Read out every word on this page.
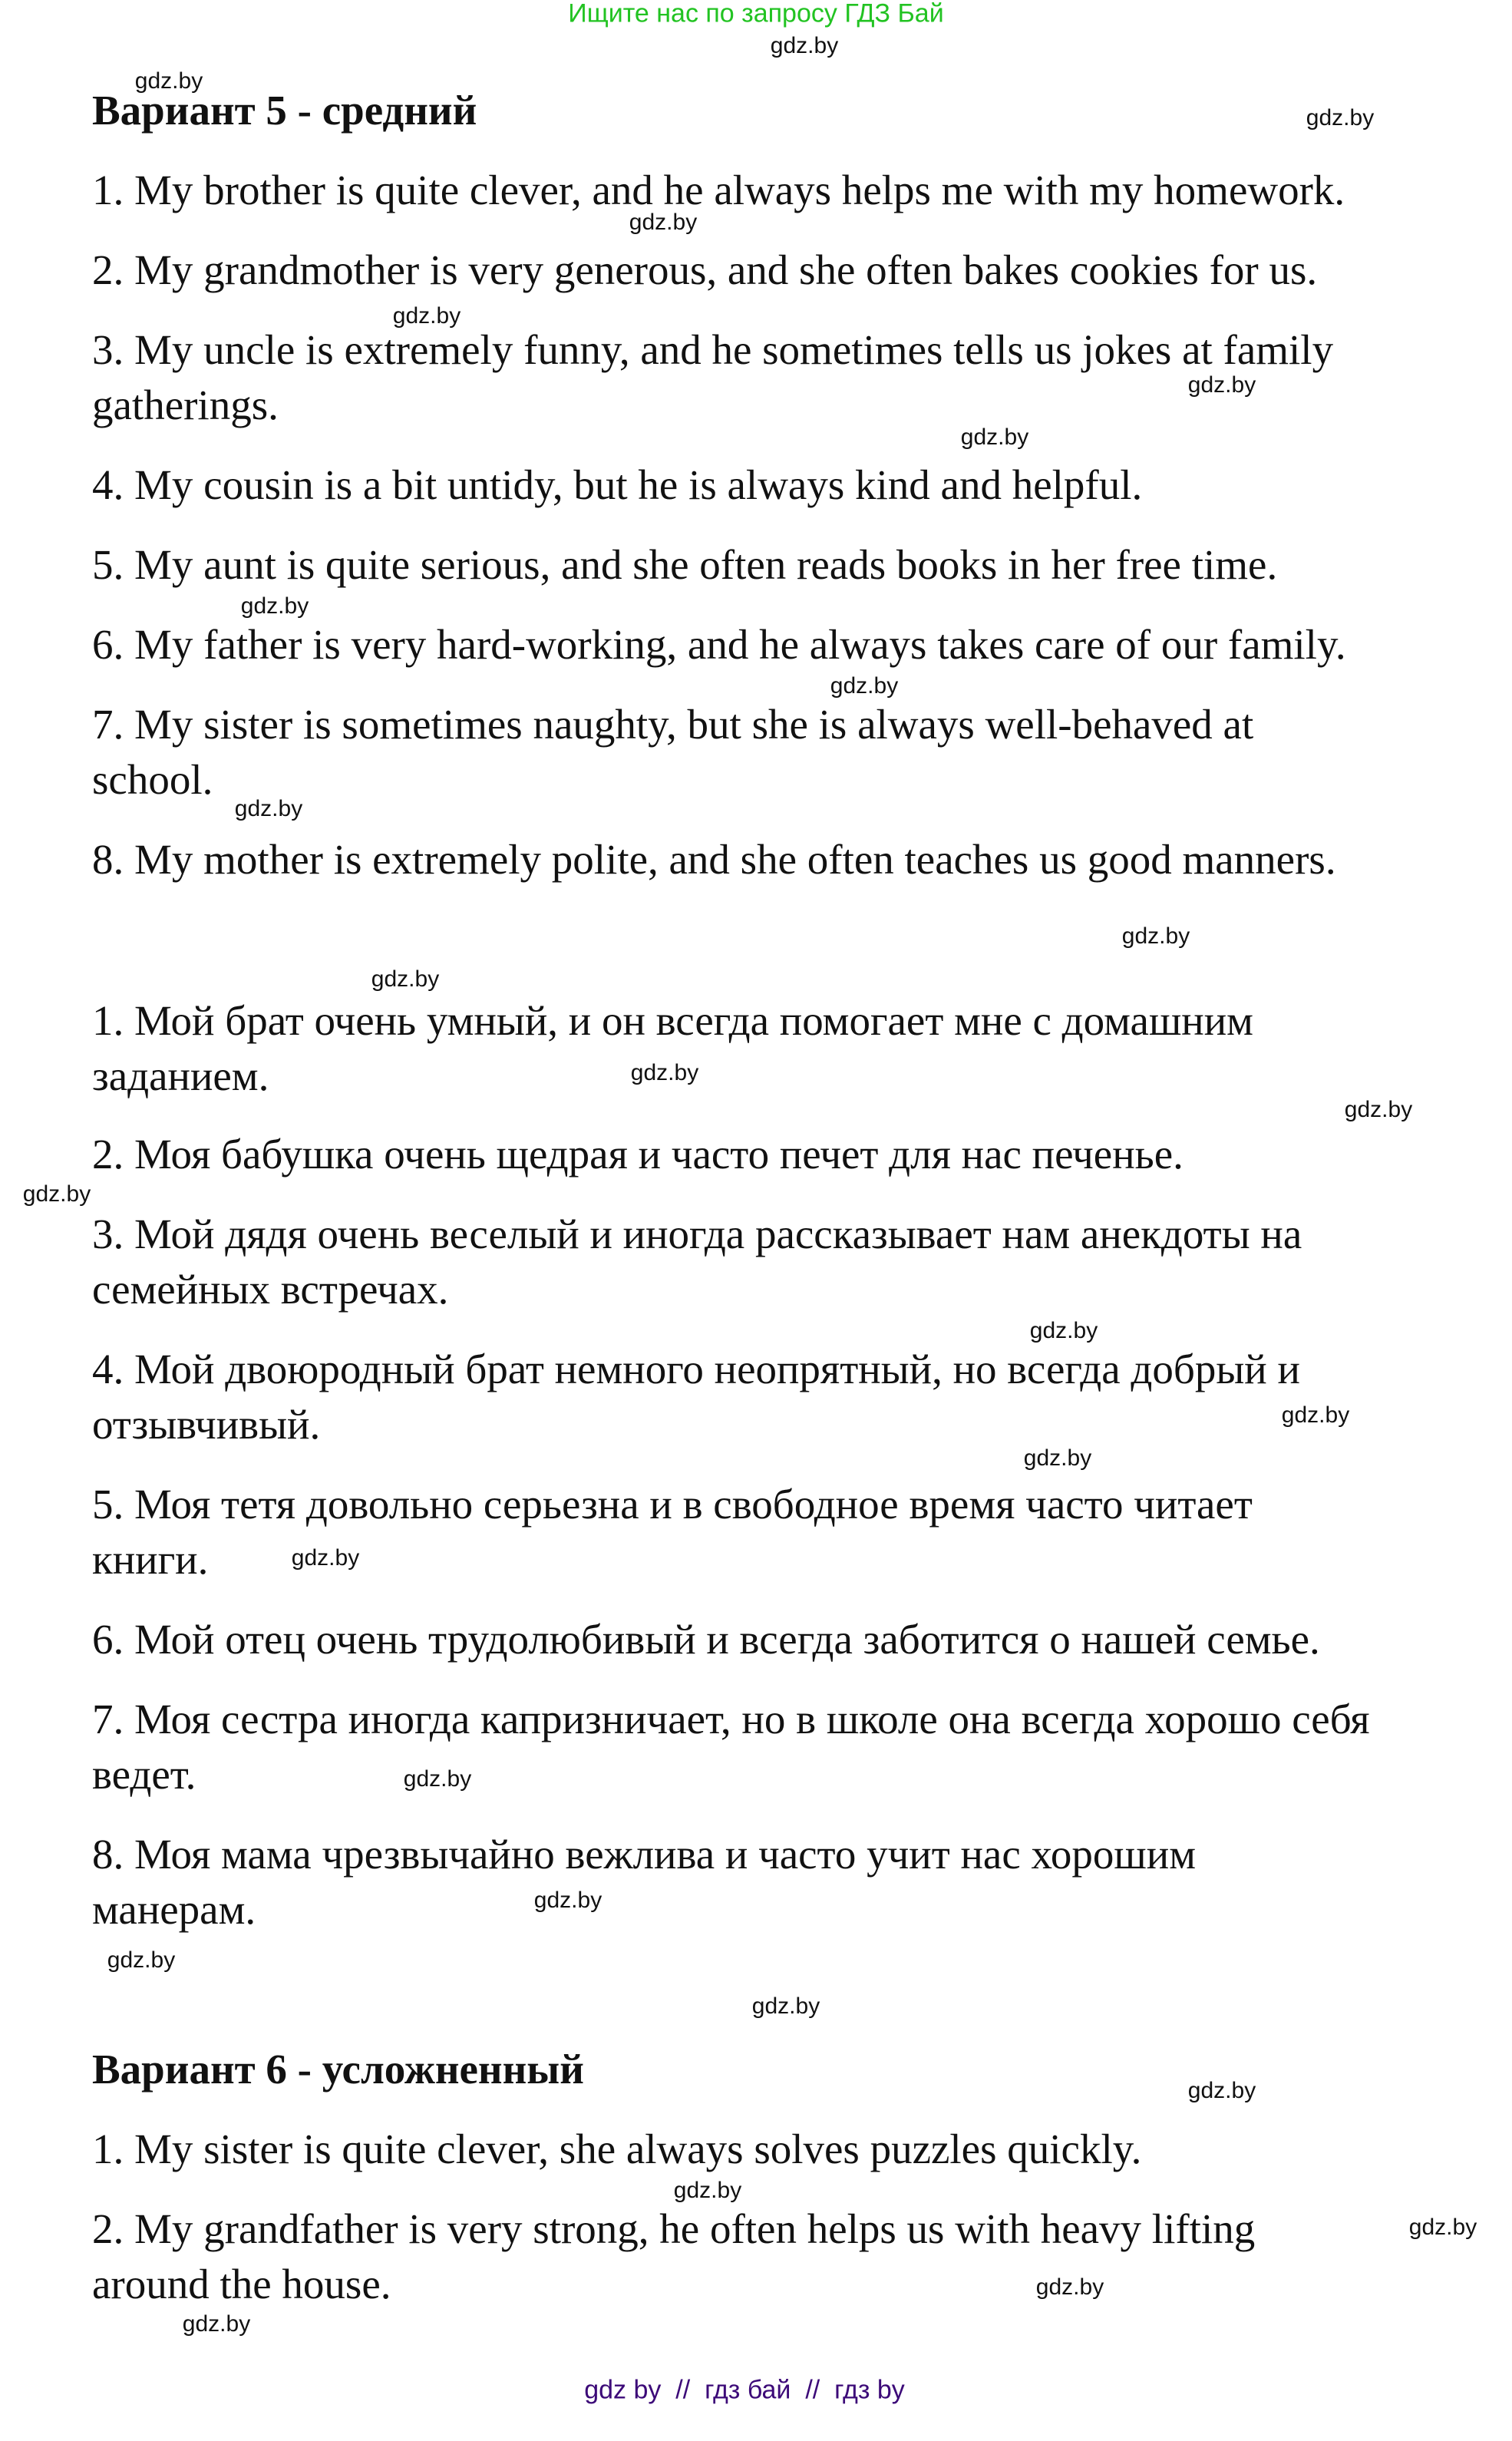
Ищите нас по запросу ГДЗ Бай
Вариант 5 - средний
1. My brother is quite clever, and he always helps me with my homework.
2. My grandmother is very generous, and she often bakes cookies for us.
3. My uncle is extremely funny, and he sometimes tells us jokes at family gatherings.
4. My cousin is a bit untidy, but he is always kind and helpful.
5. My aunt is quite serious, and she often reads books in her free time.
6. My father is very hard-working, and he always takes care of our family.
7. My sister is sometimes naughty, but she is always well-behaved at school.
8. My mother is extremely polite, and she often teaches us good manners.
1. Мой брат очень умный, и он всегда помогает мне с домашним заданием.
2. Моя бабушка очень щедрая и часто печет для нас печенье.
3. Мой дядя очень веселый и иногда рассказывает нам анекдоты на семейных встречах.
4. Мой двоюродный брат немного неопрятный, но всегда добрый и отзывчивый.
5. Моя тетя довольно серьезна и в свободное время часто читает книги.
6. Мой отец очень трудолюбивый и всегда заботится о нашей семье.
7. Моя сестра иногда капризничает, но в школе она всегда хорошо себя ведет.
8. Моя мама чрезвычайно вежлива и часто учит нас хорошим манерам.
Вариант 6 - усложненный
1. My sister is quite clever, she always solves puzzles quickly.
2. My grandfather is very strong, he often helps us with heavy lifting around the house.
gdz.by
gdz.by
gdz.by
gdz.by
gdz.by
gdz.by
gdz.by
gdz.by
gdz.by
gdz.by
gdz.by
gdz.by
gdz.by
gdz.by
gdz.by
gdz.by
gdz.by
gdz.by
gdz.by
gdz.by
gdz.by
gdz.by
gdz.by
gdz.by
gdz.by
gdz.by
gdz.by
gdz.by
gdz by  //  гдз бай  //  гдз by
